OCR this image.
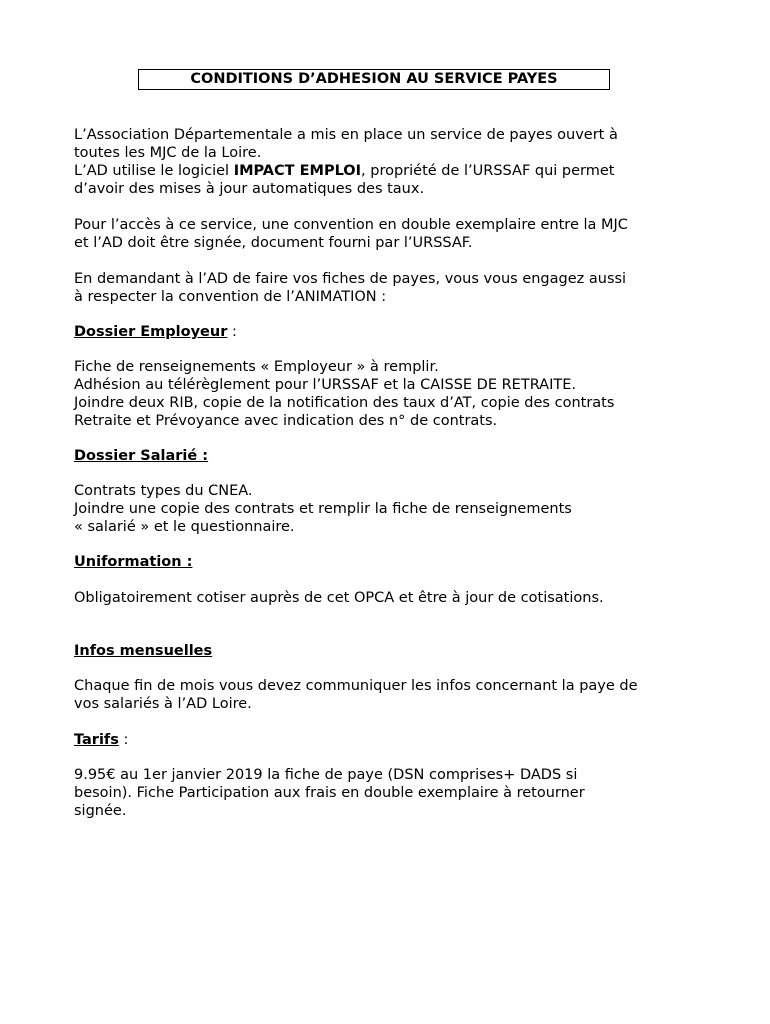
CONDITIONS D’ADHESION AU SERVICE PAYES
L’Association Départementale a mis en place un service de payes ouvert à
toutes les MJC de la Loire.
L’AD utilise le logiciel IMPACT EMPLOI, propriété de l’URSSAF qui permet
d’avoir des mises à jour automatiques des taux.
Pour l’accès à ce service, une convention en double exemplaire entre la MJC
et l’AD doit être signée, document fourni par l’URSSAF.
En demandant à l’AD de faire vos fiches de payes, vous vous engagez aussi
à respecter la convention de l’ANIMATION :
Dossier Employeur :
Fiche de renseignements « Employeur » à remplir.
Adhésion au télérèglement pour l’URSSAF et la CAISSE DE RETRAITE.
Joindre deux RIB, copie de la notification des taux d’AT, copie des contrats
Retraite et Prévoyance avec indication des n° de contrats.
Dossier Salarié :
Contrats types du CNEA.
Joindre une copie des contrats et remplir la fiche de renseignements
« salarié » et le questionnaire.
Uniformation :
Obligatoirement cotiser auprès de cet OPCA et être à jour de cotisations.
Infos mensuelles
Chaque fin de mois vous devez communiquer les infos concernant la paye de
vos salariés à l’AD Loire.
Tarifs :
9.95€ au 1er janvier 2019 la fiche de paye (DSN comprises+ DADS si
besoin). Fiche Participation aux frais en double exemplaire à retourner
signée.
